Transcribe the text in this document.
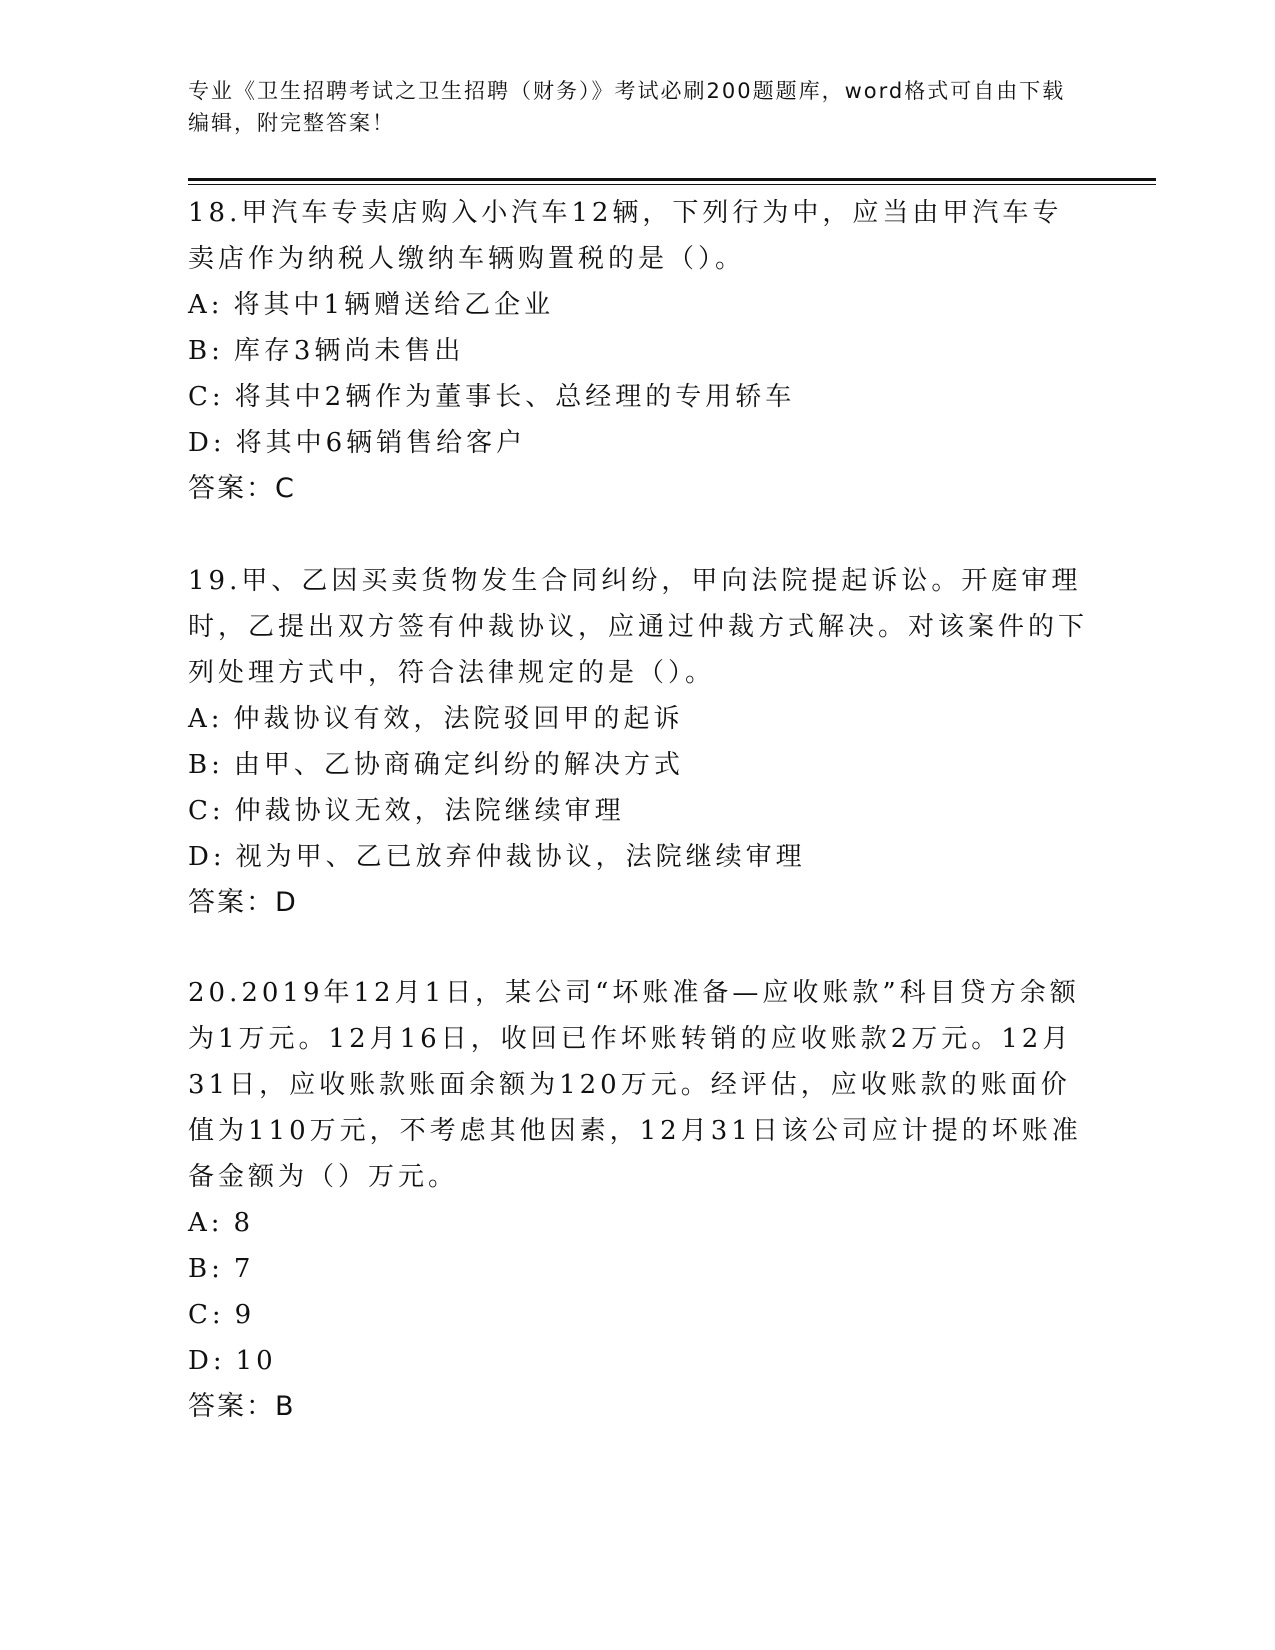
专业《卫生招聘考试之卫生招聘（财务）》考试必刷200题题库，word格式可自由下载编辑，附完整答案！

18.甲汽车专卖店购入小汽车12辆，下列行为中，应当由甲汽车专卖店作为纳税人缴纳车辆购置税的是（）。

A: 将其中1辆赠送给乙企业

B: 库存3辆尚未售出

C: 将其中2辆作为董事长、总经理的专用轿车

D: 将其中6辆销售给客户

答案：C

19.甲、乙因买卖货物发生合同纠纷，甲向法院提起诉讼。开庭审理时，乙提出双方签有仲裁协议，应通过仲裁方式解决。对该案件的下列处理方式中，符合法律规定的是（）。

A: 仲裁协议有效，法院驳回甲的起诉

B: 由甲、乙协商确定纠纷的解决方式

C: 仲裁协议无效，法院继续审理

D: 视为甲、乙已放弃仲裁协议，法院继续审理

答案：D

20.2019年12月1日，某公司“坏账准备—应收账款”科目贷方余额为1万元。12月16日，收回已作坏账转销的应收账款2万元。12月31日，应收账款账面余额为120万元。经评估，应收账款的账面价值为110万元，不考虑其他因素，12月31日该公司应计提的坏账准备金额为（）万元。

A: 8

B: 7

C: 9

D: 10

答案：B
